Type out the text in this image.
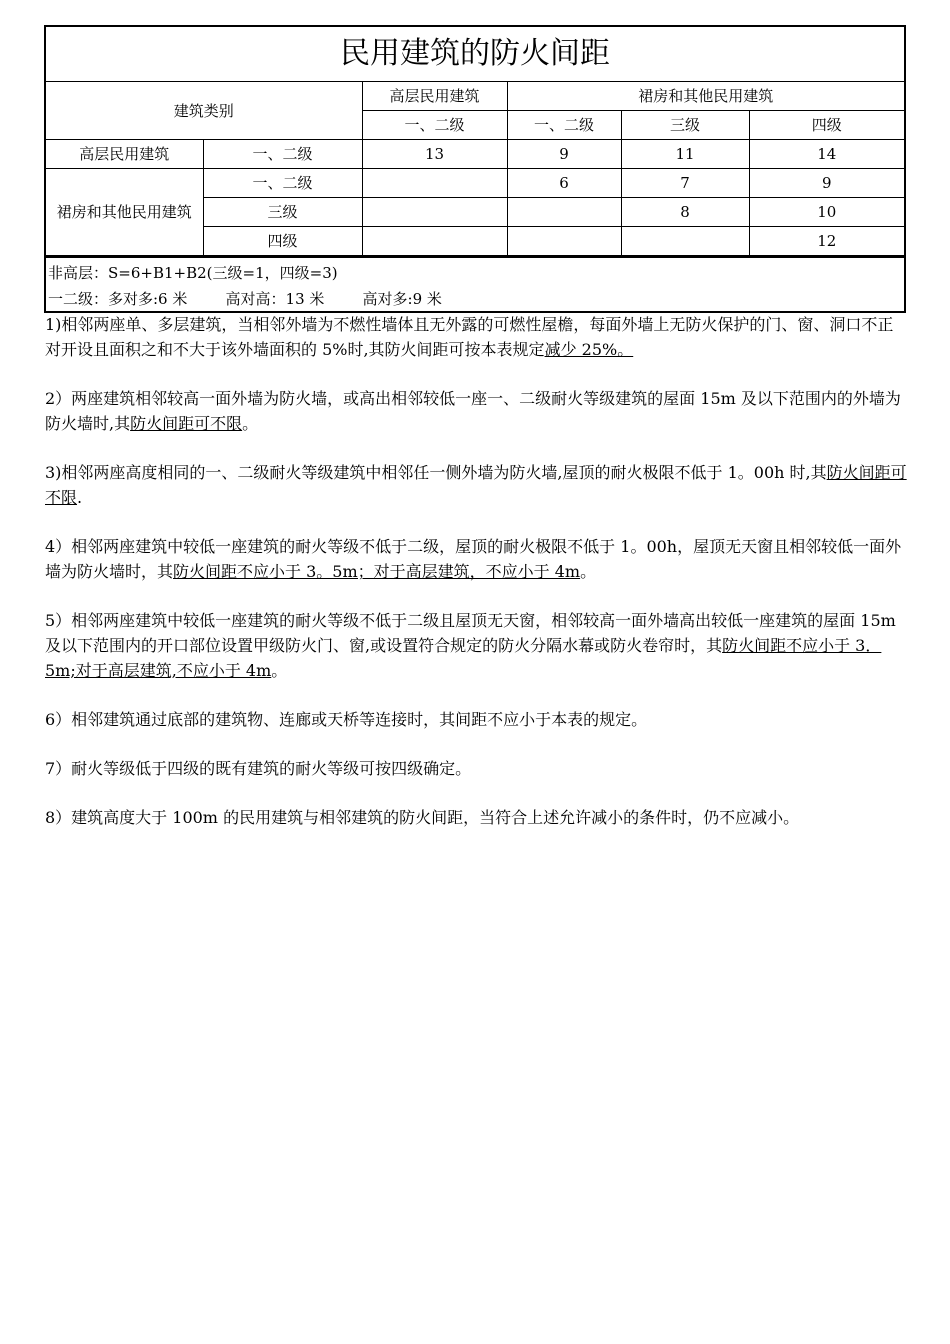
民用建筑的防火间距					
建筑类别		高层民用建筑	裙房和其他民用建筑		
		一、二级	一、二级	三级	四级
高层民用建筑	一、二级	13	9	11	14
裙房和其他民用建筑	一、二级		6	7	9
	三级			8	10
	四级				12
非高层：S=6+B1+B2(三级=1，四级=3)
一二级：多对多:6 米	高对高：13 米	高对多:9 米

1)相邻两座单、多层建筑，当相邻外墙为不燃性墙体且无外露的可燃性屋檐，每面外墙上无防火保护的门、窗、洞口不正对开设且面积之和不大于该外墙面积的 5%时,其防火间距可按本表规定减少 25%。

2）两座建筑相邻较高一面外墙为防火墙，或高出相邻较低一座一、二级耐火等级建筑的屋面 15m 及以下范围内的外墙为防火墙时,其防火间距可不限。

3)相邻两座高度相同的一、二级耐火等级建筑中相邻任一侧外墙为防火墙,屋顶的耐火极限不低于 1。00h 时,其防火间距可不限.

4）相邻两座建筑中较低一座建筑的耐火等级不低于二级，屋顶的耐火极限不低于 1。00h，屋顶无天窗且相邻较低一面外墙为防火墙时，其防火间距不应小于 3。5m；对于高层建筑，不应小于 4m。

5）相邻两座建筑中较低一座建筑的耐火等级不低于二级且屋顶无天窗，相邻较高一面外墙高出较低一座建筑的屋面 15m 及以下范围内的开口部位设置甲级防火门、窗,或设置符合规定的防火分隔水幕或防火卷帘时，其防火间距不应小于 3．5m;对于高层建筑,不应小于 4m。

6）相邻建筑通过底部的建筑物、连廊或天桥等连接时，其间距不应小于本表的规定。

7）耐火等级低于四级的既有建筑的耐火等级可按四级确定。

8）建筑高度大于 100m 的民用建筑与相邻建筑的防火间距，当符合上述允许减小的条件时，仍不应减小。
